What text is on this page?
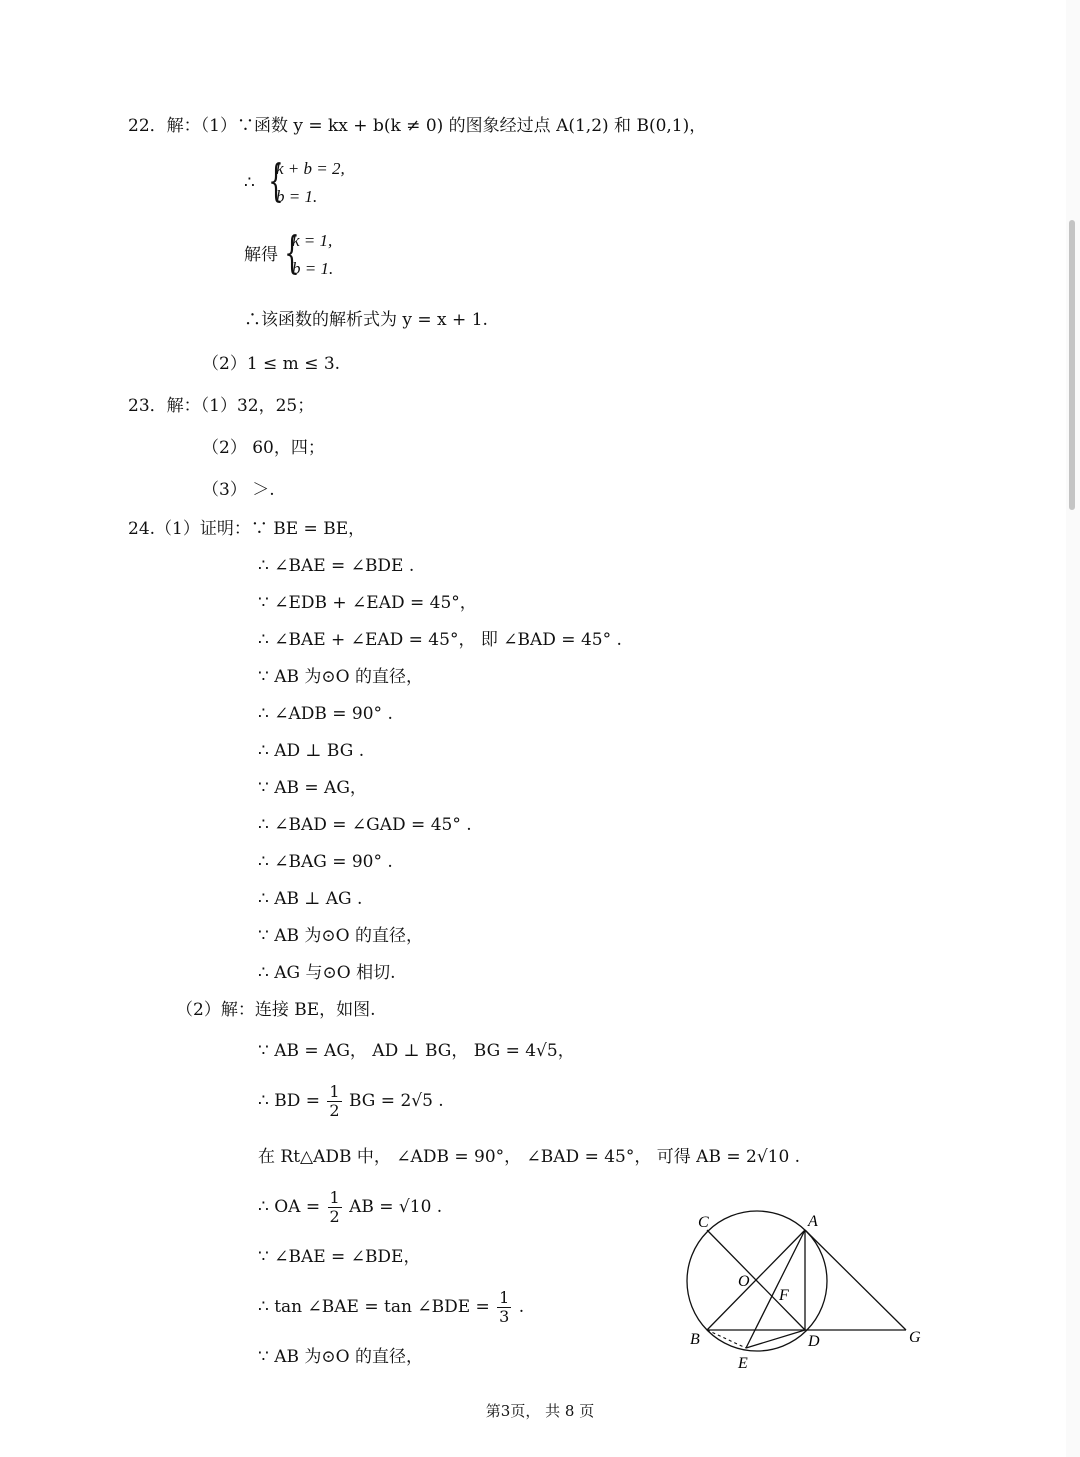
22．解：（1）∵函数 y = kx + b(k ≠ 0) 的图象经过点 A(1,2) 和 B(0,1)，
∴ {
k + b = 2,
b = 1.
解得 {
k = 1,
b = 1.
∴该函数的解析式为 y = x + 1.
（2）1 ≤ m ≤ 3.
23．解：（1）32，25；
（2） 60，四；
（3） ＞.
24.（1）证明：∵ BE = BE，
∴ ∠BAE = ∠BDE .
∵ ∠EDB + ∠EAD = 45°，
∴ ∠BAE + ∠EAD = 45°， 即 ∠BAD = 45° .
∵ AB 为⊙O 的直径，
∴ ∠ADB = 90° .
∴ AD ⊥ BG .
∵ AB = AG，
∴ ∠BAD = ∠GAD = 45° .
∴ ∠BAG = 90° .
∴ AB ⊥ AG .
∵ AB 为⊙O 的直径，
∴ AG 与⊙O 相切.
（2）解：连接 BE，如图.
∵ AB = AG， AD ⊥ BG， BG = 4√5，
∴ BD = $\frac{1}{2}$ BG = 2√5 .
在 Rt△ADB 中， ∠ADB = 90°， ∠BAD = 45°， 可得 AB = 2√10 .
∴ OA = $\frac{1}{2}$ AB = √10 .
∵ ∠BAE = ∠BDE，
∴ tan ∠BAE = tan ∠BDE = $\frac{1}{3}$ .
∵ AB 为⊙O 的直径，
C	A
O
F
B	D
E
G
第3页， 共 8 页
